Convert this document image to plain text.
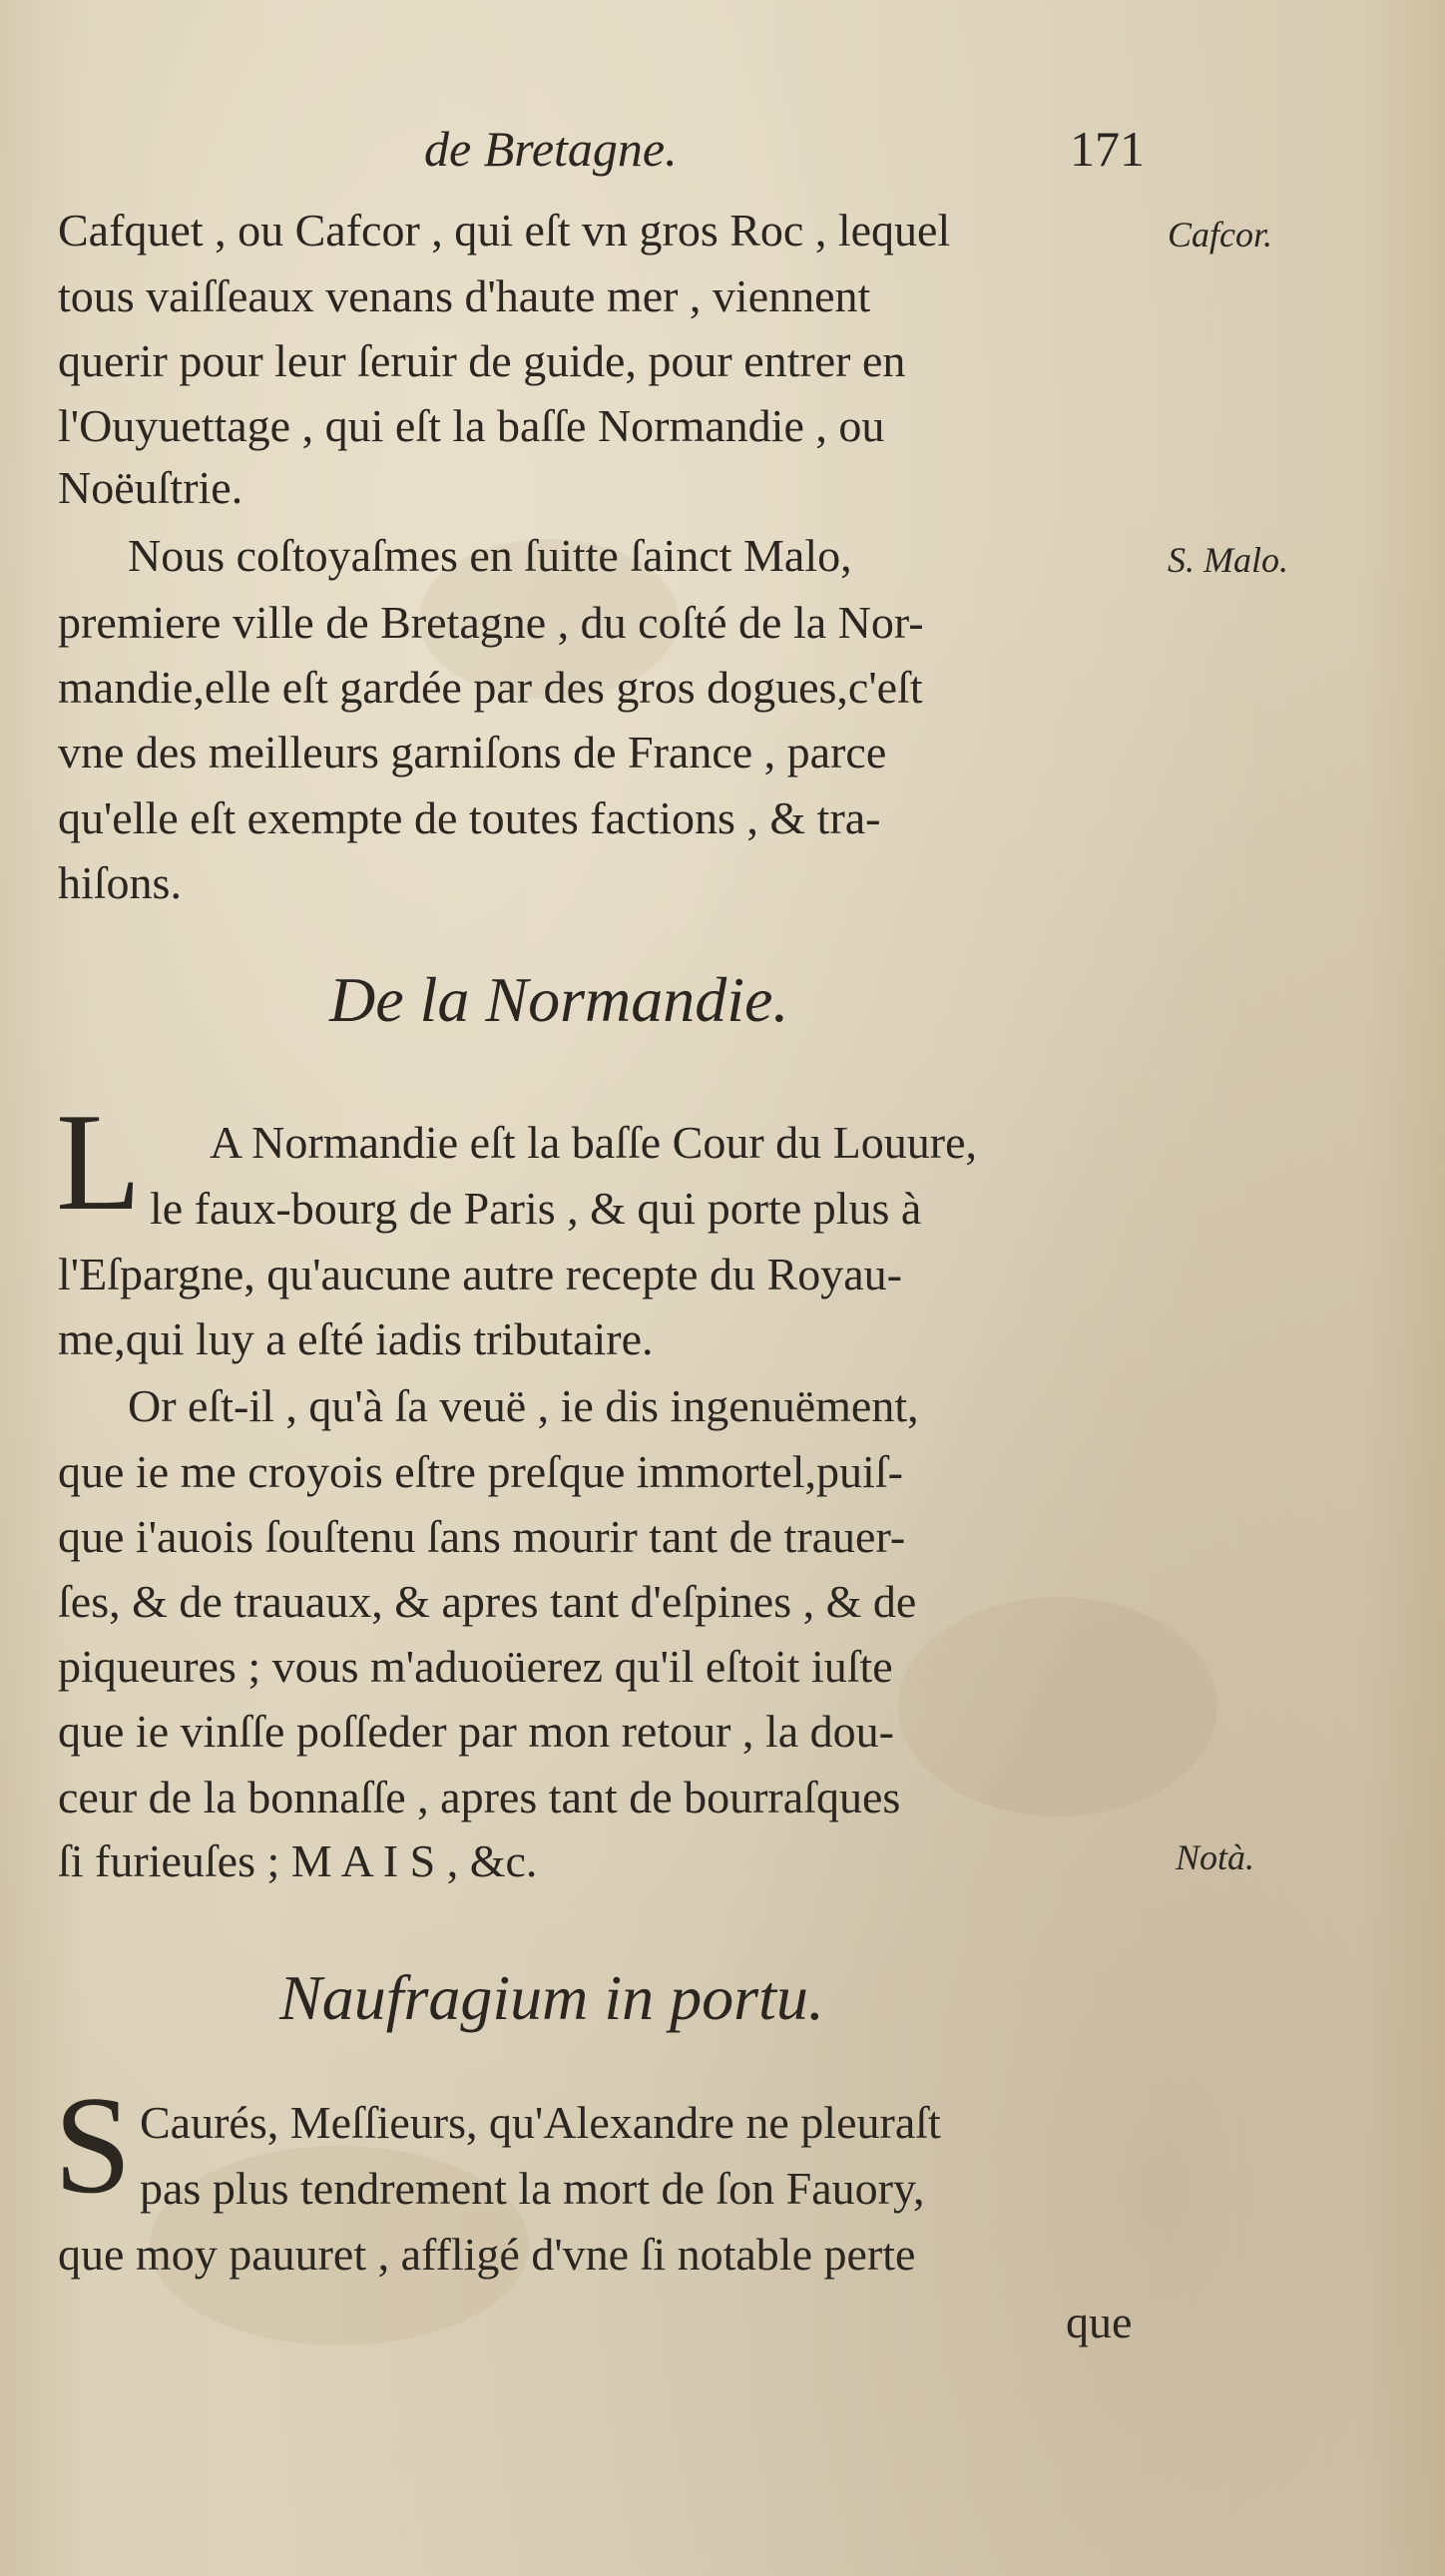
de Bretagne.	171
Cafquet , ou Cafcor , qui eſt vn gros Roc , lequel
tous vaiſſeaux venans d'haute mer , viennent
querir pour leur ſeruir de guide, pour entrer en
l'Ouyuettage , qui eſt la baſſe Normandie , ou
Noëuſtrie.
Cafcor.
Nous coſtoyaſmes en ſuitte ſainct Malo,
premiere ville de Bretagne , du coſté de la Nor-
mandie,elle eſt gardée par des gros dogues,c'eſt
vne des meilleurs garniſons de France , parce
qu'elle eſt exempte de toutes factions , & tra-
hiſons.
S. Malo.
De la Normandie.
L A Normandie eſt la baſſe Cour du Louure,
le faux-bourg de Paris , & qui porte plus à
l'Eſpargne, qu'aucune autre recepte du Royau-
me,qui luy a eſté iadis tributaire.
Or eſt-il , qu'à ſa veuë , ie dis ingenuëment,
que ie me croyois eſtre preſque immortel,puiſ-
que i'auois ſouſtenu ſans mourir tant de trauer-
ſes, & de trauaux, & apres tant d'eſpines , & de
piqueures ; vous m'aduoüerez qu'il eſtoit iuſte
que ie vinſſe poſſeder par mon retour , la dou-
ceur de la bonnaſſe , apres tant de bourraſques
ſi furieuſes ; M A I S , &c.	Notà.
Naufragium in portu.
S Caurés, Meſſieurs, qu'Alexandre ne pleuraſt
pas plus tendrement la mort de ſon Fauory,
que moy pauuret , affligé d'vne ſi notable perte
que
